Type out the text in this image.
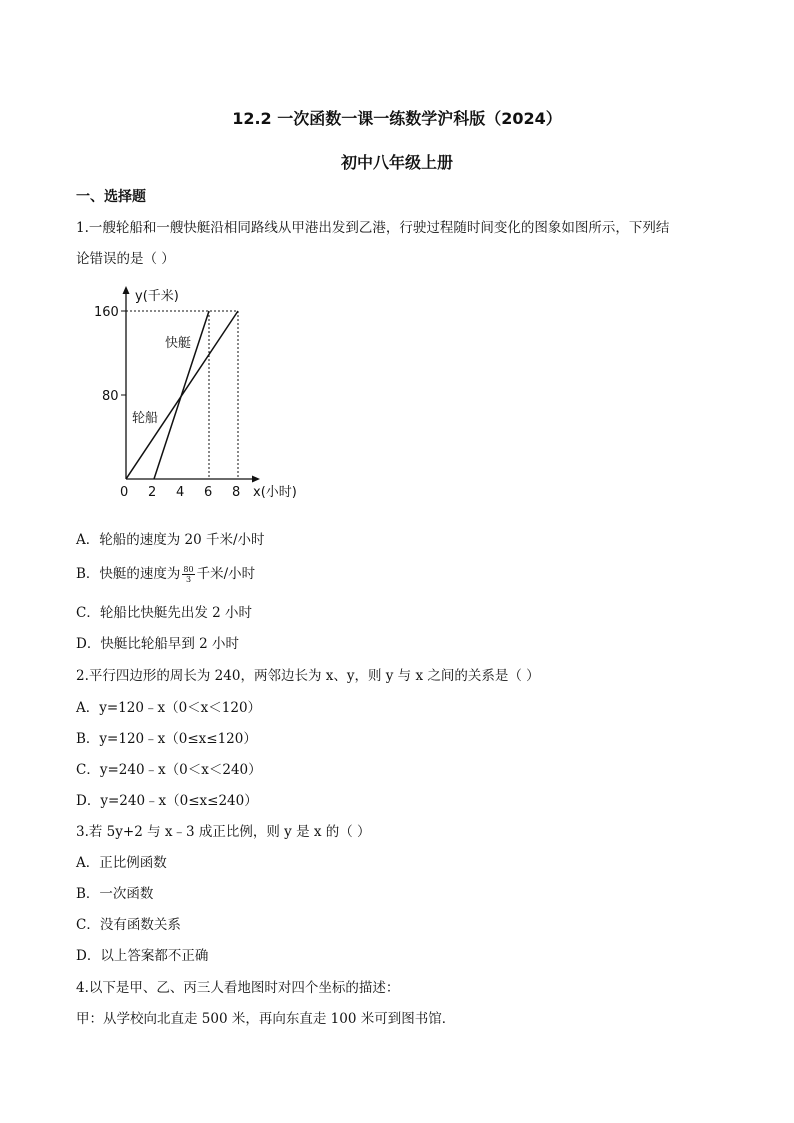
12.2 一次函数一课一练数学沪科版（2024）
初中八年级上册
一、选择题
1.一艘轮船和一艘快艇沿相同路线从甲港出发到乙港，行驶过程随时间变化的图象如图所示，下列结
论错误的是（ ）
y(千米)
x(小时)
160
80
0 2 4 6 8
快艇
轮船
A．轮船的速度为 20 千米/小时
B．快艇的速度为 $\frac{80}{3}$ 千米/小时
C．轮船比快艇先出发 2 小时
D．快艇比轮船早到 2 小时
2.平行四边形的周长为 240，两邻边长为 x、y，则 y 与 x 之间的关系是（ ）
A．y=120﹣x（0＜x＜120）
B．y=120﹣x（0≤x≤120）
C．y=240﹣x（0＜x＜240）
D．y=240﹣x（0≤x≤240）
3.若 5y+2 与 x﹣3 成正比例，则 y 是 x 的（ ）
A．正比例函数
B．一次函数
C．没有函数关系
D．以上答案都不正确
4.以下是甲、乙、丙三人看地图时对四个坐标的描述：
甲：从学校向北直走 500 米，再向东直走 100 米可到图书馆．
